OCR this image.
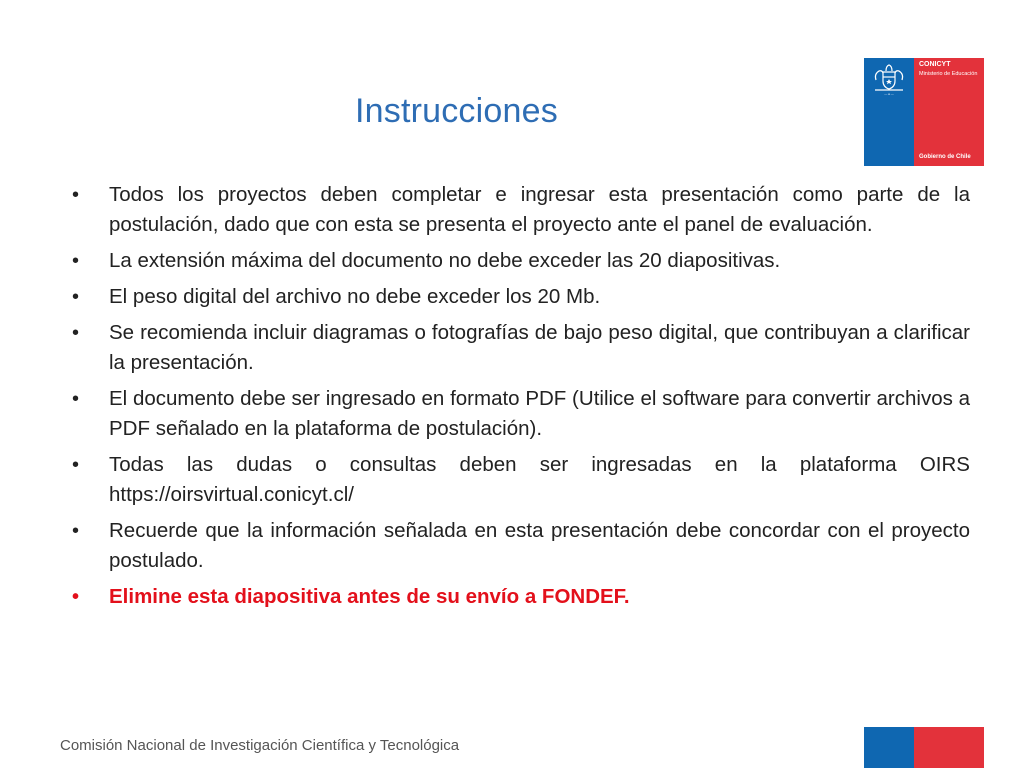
Instrucciones	— ● —
CONICYT
Ministerio de Educación
Gobierno de Chile
• Todos los proyectos deben completar e ingresar esta presentación como parte de la postulación, dado que con esta se presenta el proyecto ante el panel de evaluación.
• La extensión máxima del documento no debe exceder las 20 diapositivas.
• El peso digital del archivo no debe exceder los 20 Mb.
• Se recomienda incluir diagramas o fotografías de bajo peso digital, que contribuyan a clarificar la presentación.
• El documento debe ser ingresado en formato PDF (Utilice el software para convertir archivos a PDF señalado en la plataforma de postulación).
• Todas las dudas o consultas deben ser ingresadas en la plataforma OIRS https://oirsvirtual.conicyt.cl/
• Recuerde que la información señalada en esta presentación debe concordar con el proyecto postulado.
• Elimine esta diapositiva antes de su envío a FONDEF.
Comisión Nacional de Investigación Científica y Tecnológica
